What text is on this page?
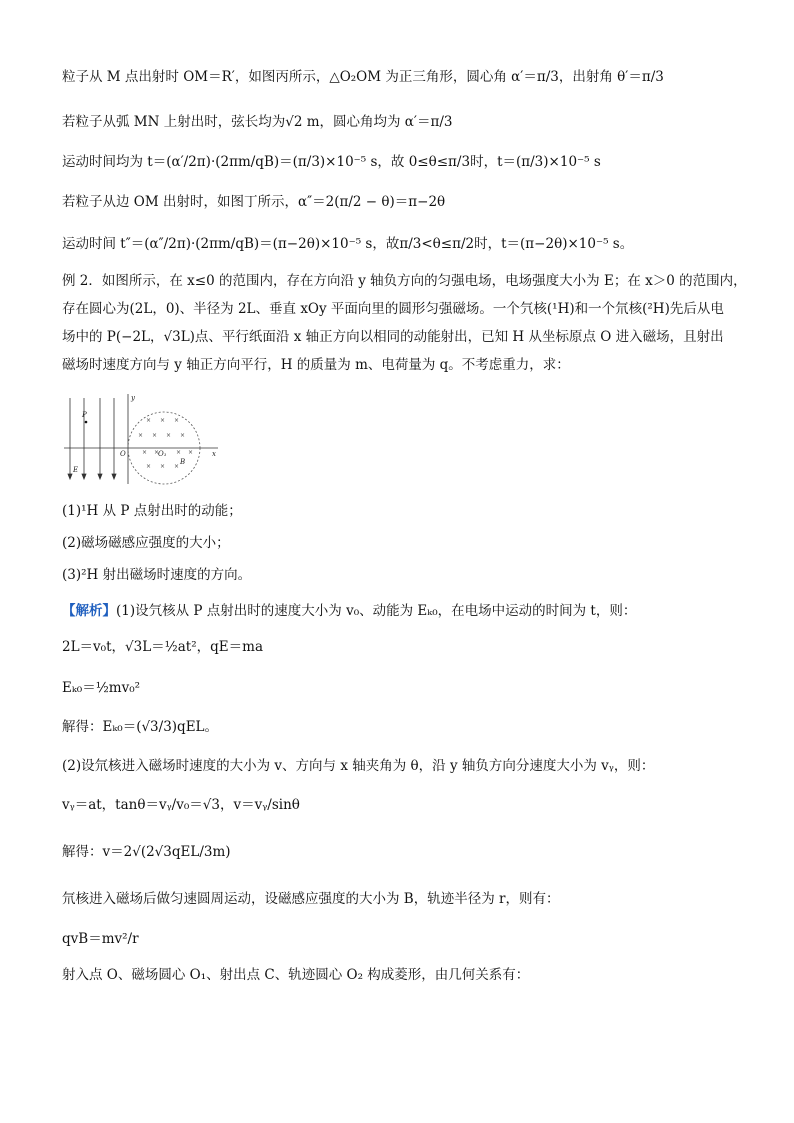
粒子从 M 点出射时 OM＝R′，如图丙所示，△O₂OM 为正三角形，圆心角 α′＝π/3，出射角 θ′＝π/3
若粒子从弧 MN 上射出时，弦长均为√2 m，圆心角均为 α′＝π/3
运动时间均为 t＝(α′/2π)·(2πm/qB)＝(π/3)×10⁻⁵ s，故 0≤θ≤π/3时，t＝(π/3)×10⁻⁵ s
若粒子从边 OM 出射时，如图丁所示，α″＝2(π/2 − θ)＝π−2θ
运动时间 t″＝(α″/2π)·(2πm/qB)＝(π−2θ)×10⁻⁵ s，故π/3<θ≤π/2时，t＝(π−2θ)×10⁻⁵ s。
例 2．如图所示，在 x≤0 的范围内，存在方向沿 y 轴负方向的匀强电场，电场强度大小为 E；在 x＞0 的范围内，
存在圆心为(2L，0)、半径为 2L、垂直 xOy 平面向里的圆形匀强磁场。一个氕核(¹H)和一个氘核(²H)先后从电
场中的 P(−2L，√3L)点、平行纸面沿 x 轴正方向以相同的动能射出，已知 H 从坐标原点 O 进入磁场，且射出
磁场时速度方向与 y 轴正方向平行，H 的质量为 m、电荷量为 q。不考虑重力，求：
(1)¹H 从 P 点射出时的动能；
(2)磁场磁感应强度的大小；
(3)²H 射出磁场时速度的方向。
2L＝v₀t，√3L＝½at²，qE＝ma
Eₖ₀＝½mv₀²
解得：Eₖ₀＝(√3/3)qEL。
(2)设氘核进入磁场时速度的大小为 v、方向与 x 轴夹角为 θ，沿 y 轴负方向分速度大小为 vᵧ，则：
vᵧ＝at，tanθ＝vᵧ/v₀＝√3，v＝vᵧ/sinθ
解得：v＝2√(2√3qEL/3m)
氘核进入磁场后做匀速圆周运动，设磁感应强度的大小为 B，轨迹半径为 r，则有：
qvB＝mv²/r
射入点 O、磁场圆心 O₁、射出点 C、轨迹圆心 O₂ 构成菱形，由几何关系有：
【解析】(1)设氕核从 P 点射出时的速度大小为 v₀、动能为 Eₖ₀，在电场中运动的时间为 t，则：
× × ×
× × × ×
× ×	× ×
× × ×
P
E
O	O₁
B
x
y
